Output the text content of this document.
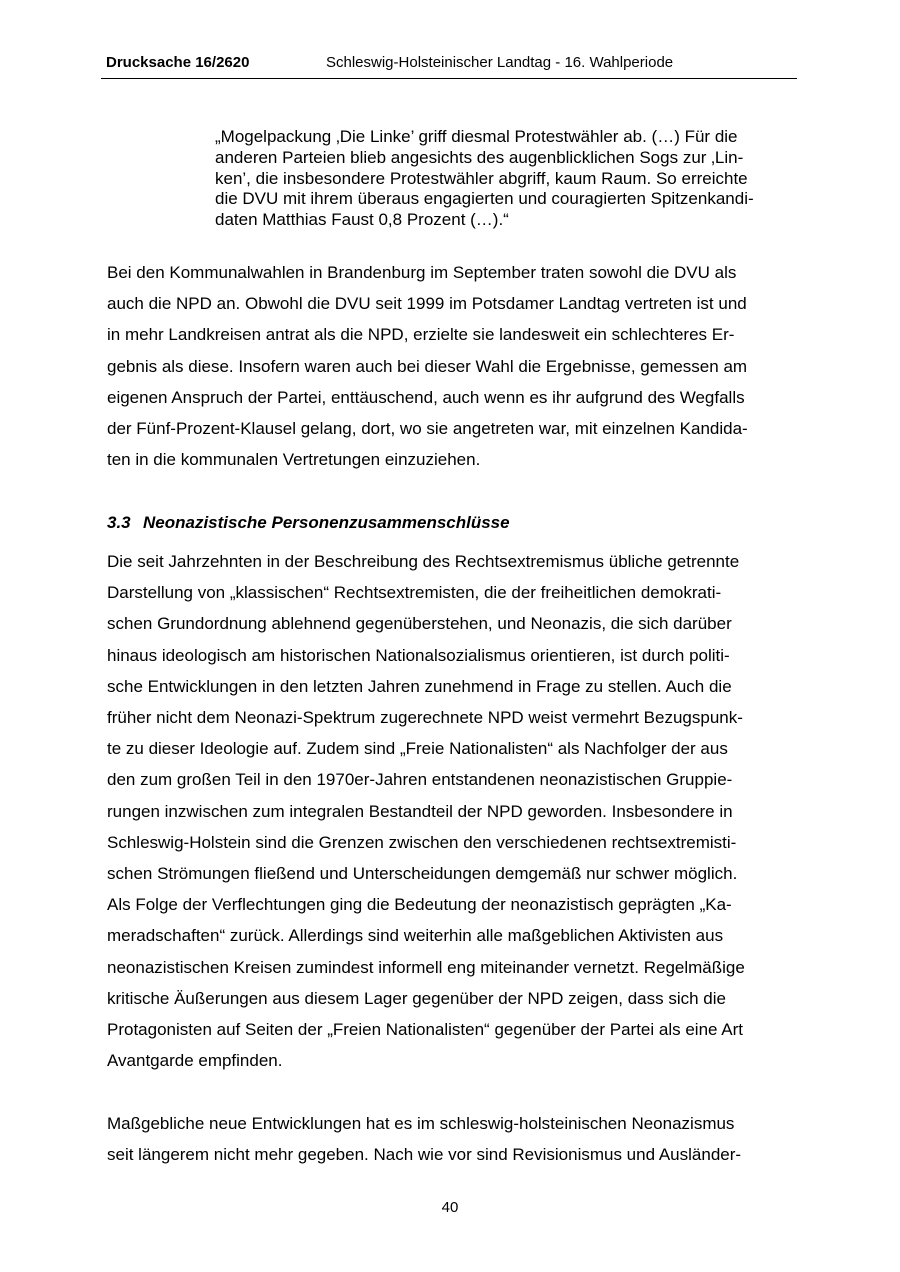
Drucksache 16/2620	Schleswig-Holsteinischer Landtag - 16. Wahlperiode
„Mogelpackung ‚Die Linke’ griff diesmal Protestwähler ab. (…) Für die
anderen Parteien blieb angesichts des augenblicklichen Sogs zur ‚Lin-
ken’, die insbesondere Protestwähler abgriff, kaum Raum. So erreichte
die DVU mit ihrem überaus engagierten und couragierten Spitzenkandi-
daten Matthias Faust 0,8 Prozent (…).“
Bei den Kommunalwahlen in Brandenburg im September traten sowohl die DVU als
auch die NPD an. Obwohl die DVU seit 1999 im Potsdamer Landtag vertreten ist und
in mehr Landkreisen antrat als die NPD, erzielte sie landesweit ein schlechteres Er-
gebnis als diese. Insofern waren auch bei dieser Wahl die Ergebnisse, gemessen am
eigenen Anspruch der Partei, enttäuschend, auch wenn es ihr aufgrund des Wegfalls
der Fünf-Prozent-Klausel gelang, dort, wo sie angetreten war, mit einzelnen Kandida-
ten in die kommunalen Vertretungen einzuziehen.
3.3 Neonazistische Personenzusammenschlüsse
Die seit Jahrzehnten in der Beschreibung des Rechtsextremismus übliche getrennte
Darstellung von „klassischen“ Rechtsextremisten, die der freiheitlichen demokrati-
schen Grundordnung ablehnend gegenüberstehen, und Neonazis, die sich darüber
hinaus ideologisch am historischen Nationalsozialismus orientieren, ist durch politi-
sche Entwicklungen in den letzten Jahren zunehmend in Frage zu stellen. Auch die
früher nicht dem Neonazi-Spektrum zugerechnete NPD weist vermehrt Bezugspunk-
te zu dieser Ideologie auf. Zudem sind „Freie Nationalisten“ als Nachfolger der aus
den zum großen Teil in den 1970er-Jahren entstandenen neonazistischen Gruppie-
rungen inzwischen zum integralen Bestandteil der NPD geworden. Insbesondere in
Schleswig-Holstein sind die Grenzen zwischen den verschiedenen rechtsextremisti-
schen Strömungen fließend und Unterscheidungen demgemäß nur schwer möglich.
Als Folge der Verflechtungen ging die Bedeutung der neonazistisch geprägten „Ka-
meradschaften“ zurück. Allerdings sind weiterhin alle maßgeblichen Aktivisten aus
neonazistischen Kreisen zumindest informell eng miteinander vernetzt. Regelmäßige
kritische Äußerungen aus diesem Lager gegenüber der NPD zeigen, dass sich die
Protagonisten auf Seiten der „Freien Nationalisten“ gegenüber der Partei als eine Art
Avantgarde empfinden.
Maßgebliche neue Entwicklungen hat es im schleswig-holsteinischen Neonazismus
seit längerem nicht mehr gegeben. Nach wie vor sind Revisionismus und Ausländer-
40
